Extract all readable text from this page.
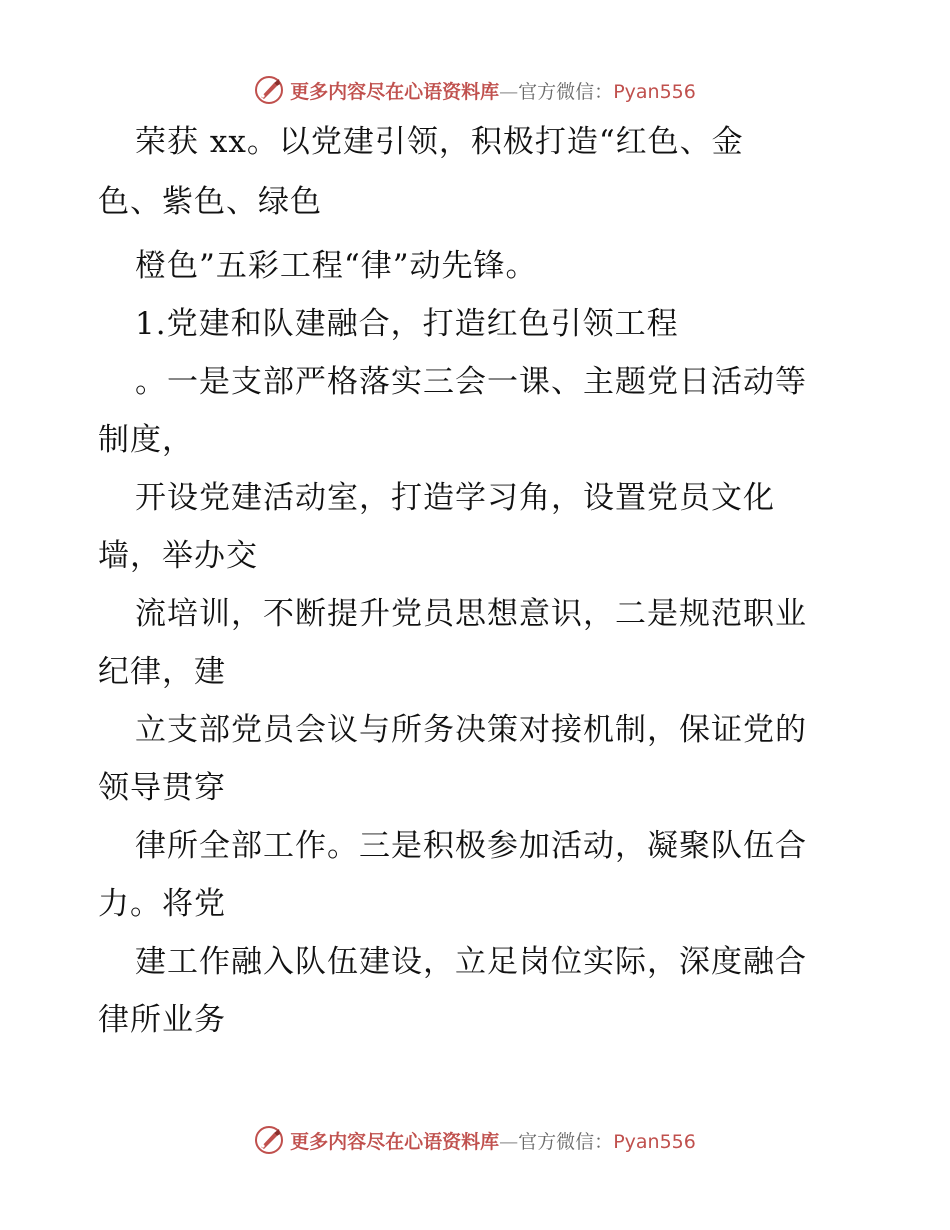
更多内容尽在心语资料库—官方微信：Pyan556
荣获 xx。以党建引领，积极打造“红色、金
色、紫色、绿色
橙色”五彩工程“律”动先锋。
1.党建和队建融合，打造红色引领工程
。一是支部严格落实三会一课、主题党日活动等
制度，
开设党建活动室，打造学习角，设置党员文化
墙，举办交
流培训，不断提升党员思想意识，二是规范职业
纪律，建
立支部党员会议与所务决策对接机制，保证党的
领导贯穿
律所全部工作。三是积极参加活动，凝聚队伍合
力。将党
建工作融入队伍建设，立足岗位实际，深度融合
律所业务
更多内容尽在心语资料库—官方微信：Pyan556
